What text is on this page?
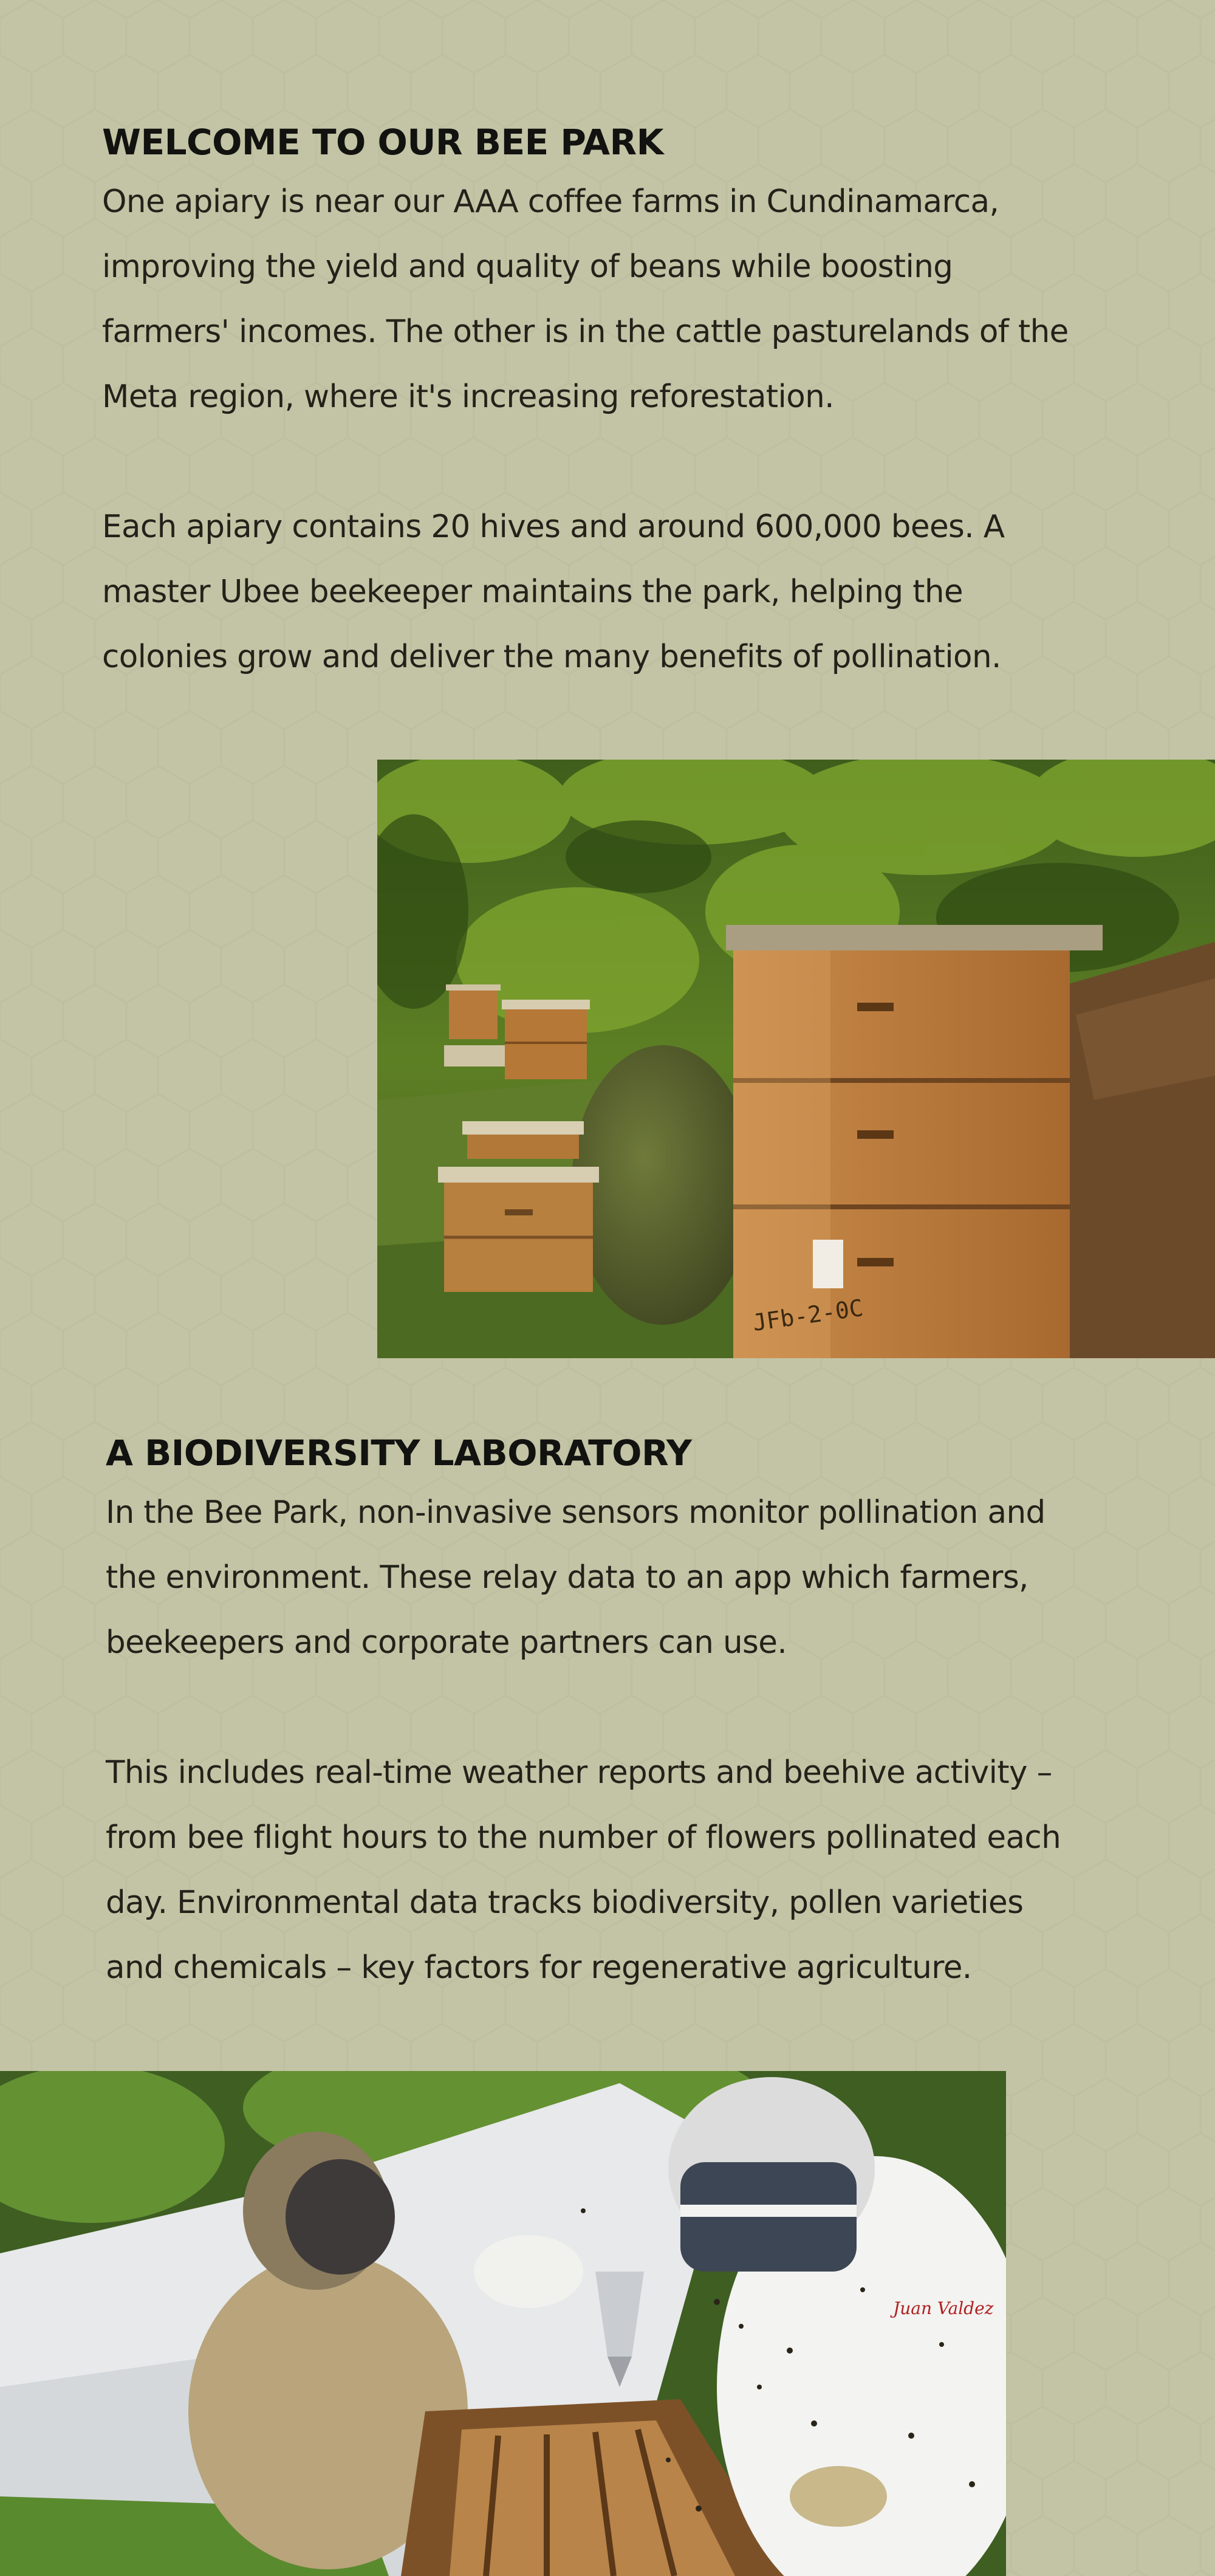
WELCOME TO OUR BEE PARK

One apiary is near our AAA coffee farms in Cundinamarca,
improving the yield and quality of beans while boosting
farmers' incomes. The other is in the cattle pasturelands of the
Meta region, where it's increasing reforestation.

Each apiary contains 20 hives and around 600,000 bees. A
master Ubee beekeeper maintains the park, helping the
colonies grow and deliver the many benefits of pollination.

JFb-2-0C
A BIODIVERSITY LABORATORY

In the Bee Park, non-invasive sensors monitor pollination and
the environment. These relay data to an app which farmers,
beekeepers and corporate partners can use.

This includes real-time weather reports and beehive activity –
from bee flight hours to the number of flowers pollinated each
day. Environmental data tracks biodiversity, pollen varieties
and chemicals – key factors for regenerative agriculture.

Juan Valdez
